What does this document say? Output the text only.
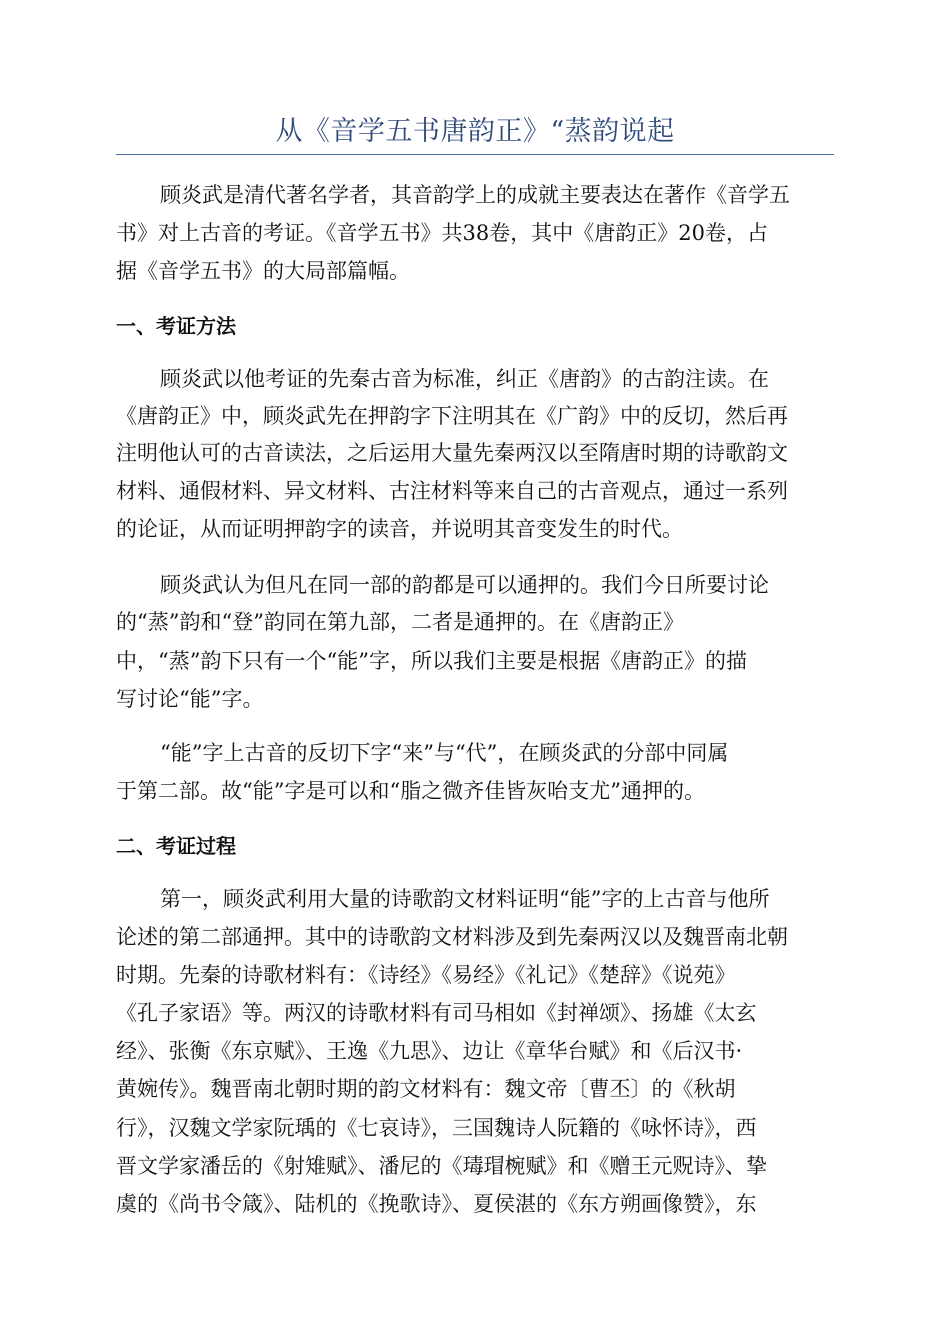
从《音学五书唐韵正》“蒸韵说起
顾炎武是清代著名学者，其音韵学上的成就主要表达在著作《音学五
书》对上古音的考证。《音学五书》共38卷，其中《唐韵正》20卷，占
据《音学五书》的大局部篇幅。
一、考证方法
顾炎武以他考证的先秦古音为标准，纠正《唐韵》的古韵注读。在
《唐韵正》中，顾炎武先在押韵字下注明其在《广韵》中的反切，然后再
注明他认可的古音读法，之后运用大量先秦两汉以至隋唐时期的诗歌韵文
材料、通假材料、异文材料、古注材料等来自己的古音观点，通过一系列
的论证，从而证明押韵字的读音，并说明其音变发生的时代。
顾炎武认为但凡在同一部的韵都是可以通押的。我们今日所要讨论
的“蒸”韵和“登”韵同在第九部，二者是通押的。在《唐韵正》
中，“蒸”韵下只有一个“能”字，所以我们主要是根据《唐韵正》的描
写讨论“能”字。
“能”字上古音的反切下字“来”与“代”，在顾炎武的分部中同属
于第二部。故“能”字是可以和“脂之微齐佳皆灰咍支尤”通押的。
二、考证过程
第一，顾炎武利用大量的诗歌韵文材料证明“能”字的上古音与他所
论述的第二部通押。其中的诗歌韵文材料涉及到先秦两汉以及魏晋南北朝
时期。先秦的诗歌材料有：《诗经》《易经》《礼记》《楚辞》《说苑》
《孔子家语》等。两汉的诗歌材料有司马相如《封禅颂》、扬雄《太玄
经》、张衡《东京赋》、王逸《九思》、边让《章华台赋》和《后汉书·
黄婉传》。魏晋南北朝时期的韵文材料有：魏文帝〔曹丕〕的《秋胡
行》，汉魏文学家阮瑀的《七哀诗》，三国魏诗人阮籍的《咏怀诗》，西
晋文学家潘岳的《射雉赋》、潘尼的《瑇瑁椀赋》和《赠王元贶诗》、挚
虞的《尚书令箴》、陆机的《挽歌诗》、夏侯湛的《东方朔画像赞》，东
